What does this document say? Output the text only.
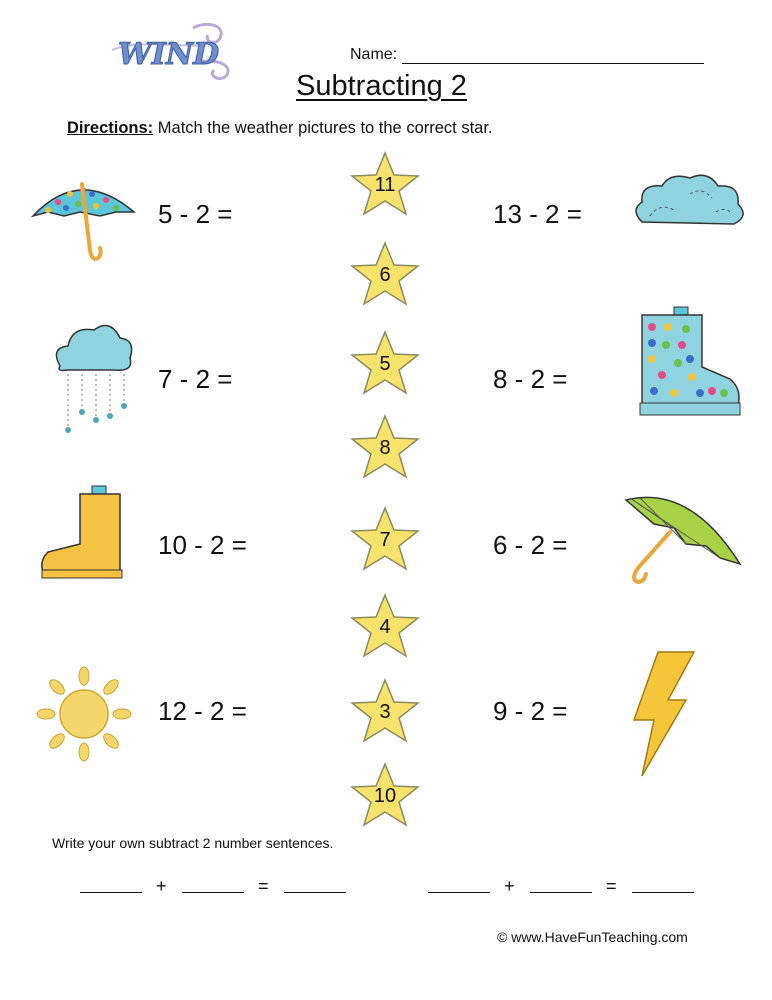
WIND	Name:
Subtracting 2
Directions: Match the weather pictures to the correct star.
5 - 2 =
7 - 2 =
10 - 2 =
12 - 2 =
11
6
5
8
7
4
3
10
13 - 2 =
8 - 2 =
6 - 2 =
9 - 2 =
Write your own subtract 2 number sentences.
+	=	+	=
© www.HaveFunTeaching.com
